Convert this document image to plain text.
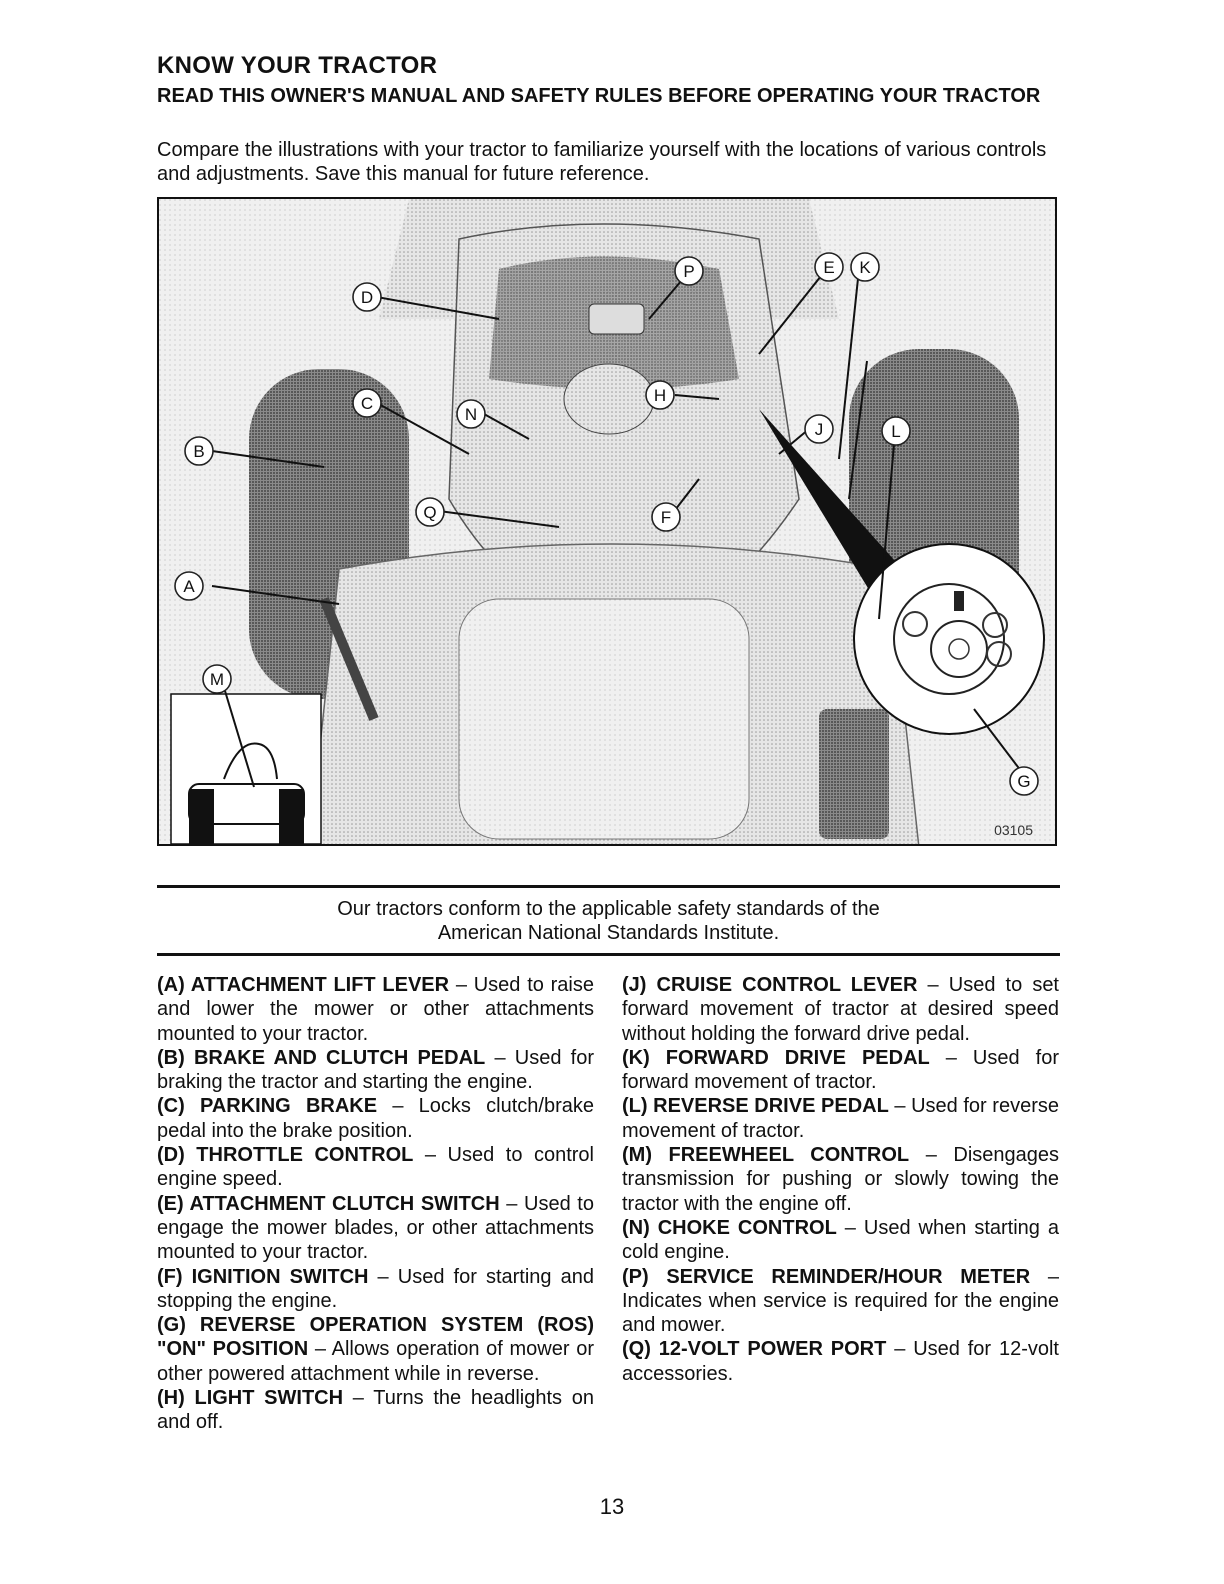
KNOW YOUR TRACTOR
READ THIS OWNER'S MANUAL AND SAFETY RULES BEFORE OPERATING YOUR TRACTOR
Compare the illustrations with your tractor to familiarize yourself with the locations of various controls and adjustments. Save this manual for future reference.
D
C
B
A
M
N
Q
P	E
H
J
F
K
L
G
03105
Our tractors conform to the applicable safety standards of the
American National Standards Institute.

(A) ATTACHMENT LIFT LEVER – Used to raise and lower the mower or other attachments mounted to your tractor.

(B) BRAKE AND CLUTCH PEDAL – Used for braking the tractor and starting the engine.

(C) PARKING BRAKE – Locks clutch/brake pedal into the brake position.

(D) THROTTLE CONTROL – Used to control engine speed.

(E) ATTACHMENT CLUTCH SWITCH – Used to engage the mower blades, or other attachments mounted to your tractor.

(F) IGNITION SWITCH – Used for starting and stopping the engine.

(G) REVERSE OPERATION SYSTEM (ROS) "ON" POSITION – Allows operation of mower or other powered attachment while in reverse.

(H) LIGHT SWITCH – Turns the headlights on and off.

(J) CRUISE CONTROL LEVER – Used to set forward movement of tractor at desired speed without holding the forward drive pedal.

(K) FORWARD DRIVE PEDAL – Used for forward movement of tractor.

(L) REVERSE DRIVE PEDAL – Used for reverse movement of tractor.

(M) FREEWHEEL CONTROL – Disengages transmission for pushing or slowly towing the tractor with the engine off.

(N) CHOKE CONTROL – Used when starting a cold engine.

(P) SERVICE REMINDER/HOUR METER – Indicates when service is required for the engine and mower.

(Q) 12-VOLT POWER PORT – Used for 12-volt accessories.

13
